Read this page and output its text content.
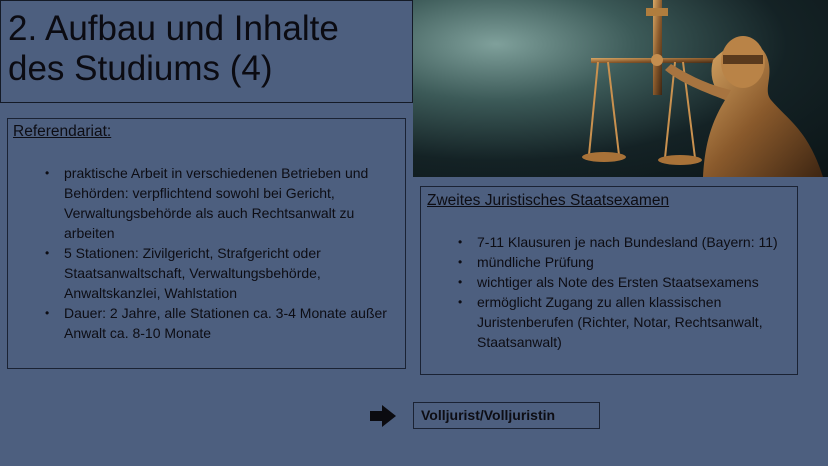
2. Aufbau und Inhalte
des Studiums (4)
Referendariat:
• praktische Arbeit in verschiedenen Betrieben und Behörden: verpflichtend sowohl bei Gericht, Verwaltungsbehörde als auch Rechtsanwalt zu arbeiten
• 5 Stationen: Zivilgericht, Strafgericht oder Staatsanwaltschaft, Verwaltungsbehörde, Anwaltskanzlei, Wahlstation
• Dauer: 2 Jahre, alle Stationen ca. 3-4 Monate außer Anwalt ca. 8-10 Monate
Zweites Juristisches Staatsexamen
• 7-11 Klausuren je nach Bundesland (Bayern: 11)
• mündliche Prüfung
• wichtiger als Note des Ersten Staatsexamens
• ermöglicht Zugang zu allen klassischen Juristenberufen (Richter, Notar, Rechtsanwalt, Staatsanwalt)
Volljurist/Volljuristin
